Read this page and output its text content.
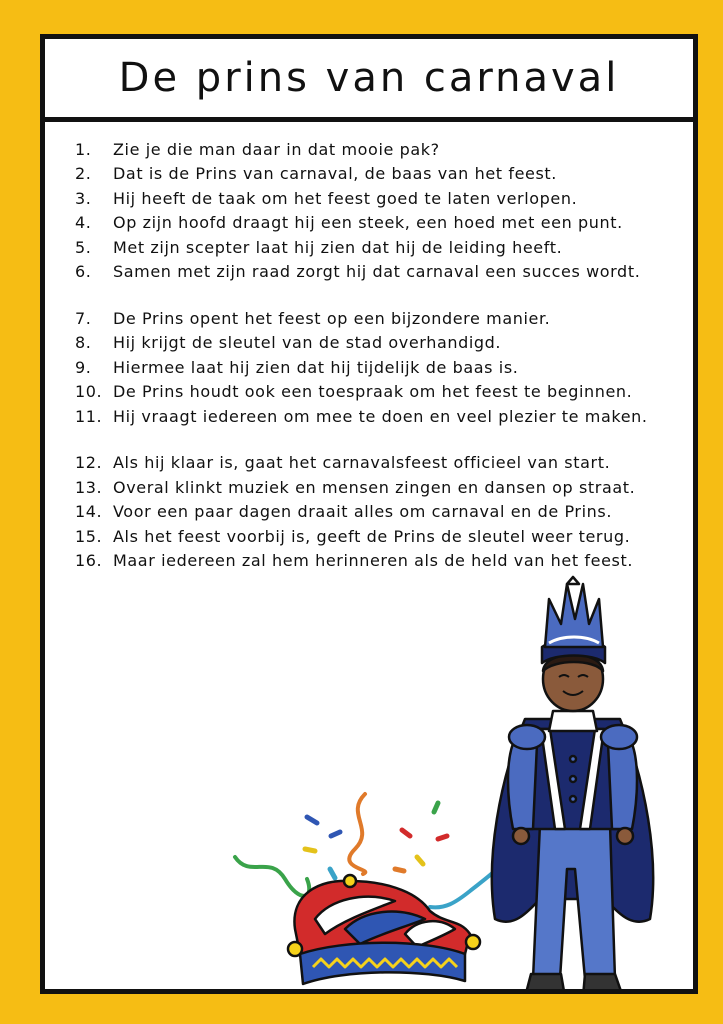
De prins van carnaval
1.	Zie je die man daar in dat mooie pak?
2.	Dat is de Prins van carnaval, de baas van het feest.
3.	Hij heeft de taak om het feest goed te laten verlopen.
4.	Op zijn hoofd draagt hij een steek, een hoed met een punt.
5.	Met zijn scepter laat hij zien dat hij de leiding heeft.
6.	Samen met zijn raad zorgt hij dat carnaval een succes wordt.
7.	De Prins opent het feest op een bijzondere manier.
8.	Hij krijgt de sleutel van de stad overhandigd.
9.	Hiermee laat hij zien dat hij tijdelijk de baas is.
10. De Prins houdt ook een toespraak om het feest te beginnen.
11. Hij vraagt iedereen om mee te doen en veel plezier te maken.
12. Als hij klaar is, gaat het carnavalsfeest officieel van start.
13. Overal klinkt muziek en mensen zingen en dansen op straat.
14. Voor een paar dagen draait alles om carnaval en de Prins.
15. Als het feest voorbij is, geeft de Prins de sleutel weer terug.
16. Maar iedereen zal hem herinneren als de held van het feest.
